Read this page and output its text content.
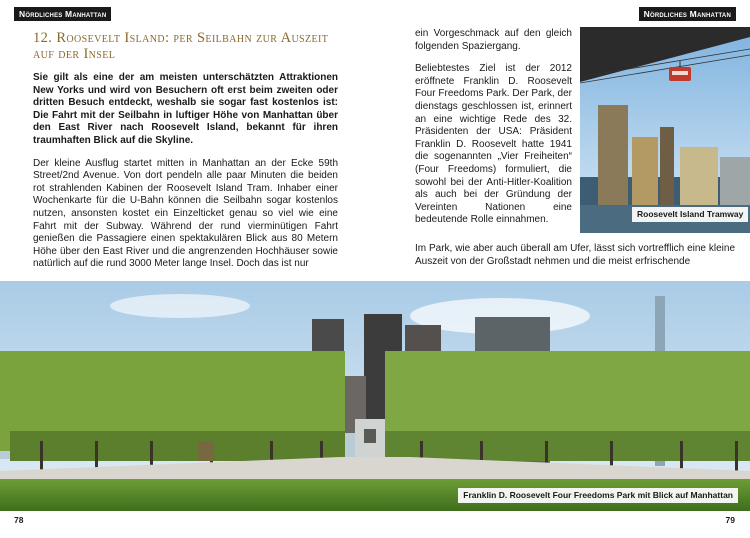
Nördliches Manhattan	Nördliches Manhattan
12. Roosevelt Island: per Seilbahn zur Auszeit auf der Insel

Sie gilt als eine der am meisten unterschätzten Attraktionen New Yorks und wird von Besuchern oft erst beim zweiten oder dritten Besuch entdeckt, weshalb sie sogar fast kostenlos ist: Die Fahrt mit der Seilbahn in luftiger Höhe von Manhattan über den East River nach Roosevelt Island, bekannt für ihren traumhaften Blick auf die Skyline.

Der kleine Ausflug startet mitten in Manhattan an der Ecke 59th Street/2nd Avenue. Von dort pendeln alle paar Minuten die beiden rot strahlenden Kabinen der Roosevelt Island Tram. Inhaber einer Wochenkarte für die U-Bahn können die Seilbahn sogar kostenlos nutzen, ansonsten kostet ein Einzelticket genau so viel wie eine Fahrt mit der Subway. Während der rund vierminütigen Fahrt genießen die Passagiere einen spektakulären Blick aus 80 Metern Höhe über den East River und die angrenzenden Hochhäuser sowie natürlich auf die rund 3000 Meter lange Insel. Doch das ist nur

ein Vorgeschmack auf den gleich folgenden Spaziergang.

Beliebtestes Ziel ist der 2012 eröffnete Franklin D. Roosevelt Four Freedoms Park. Der Park, der dienstags geschlossen ist, erinnert an eine wichtige Rede des 32. Präsidenten der USA: Präsident Franklin D. Roosevelt hatte 1941 die sogenannten „Vier Freiheiten“ (Four Freedoms) formuliert, die sowohl bei der Anti-Hitler-Koalition als auch bei der Gründung der Vereinten Nationen eine bedeutende Rolle einnahmen.

Im Park, wie aber auch überall am Ufer, lässt sich vortrefflich eine kleine Auszeit von der Großstadt nehmen und die meist erfrischende
Roosevelt Island Tramway
Franklin D. Roosevelt Four Freedoms Park mit Blick auf Manhattan
78	79
